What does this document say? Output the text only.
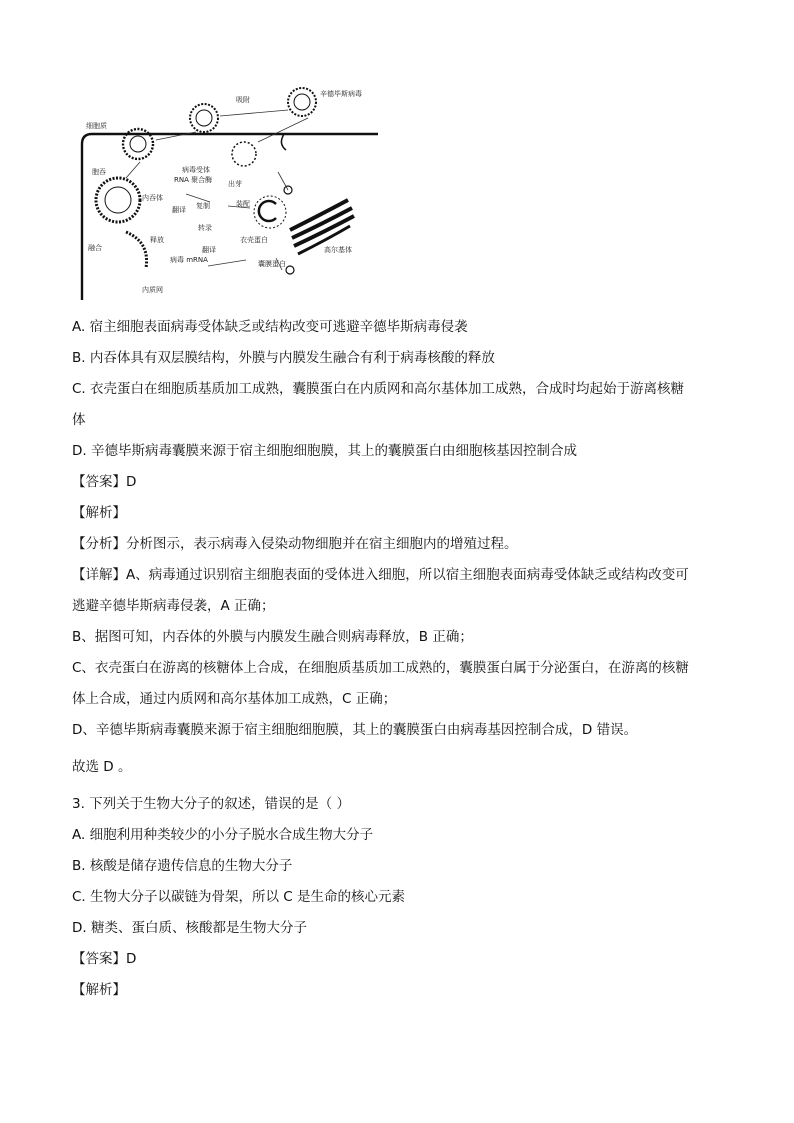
吸附
辛德毕斯病毒
细胞质
病毒受体
出芽
胞吞
RNA 聚合酶
内吞体
翻译 复制
转录
装配
融合
释放
翻译
衣壳蛋白
病毒 mRNA	囊膜蛋白
高尔基体
内质网
A. 宿主细胞表面病毒受体缺乏或结构改变可逃避辛德毕斯病毒侵袭
B. 内吞体具有双层膜结构，外膜与内膜发生融合有利于病毒核酸的释放
C. 衣壳蛋白在细胞质基质加工成熟，囊膜蛋白在内质网和高尔基体加工成熟，合成时均起始于游离核糖
体
D. 辛德毕斯病毒囊膜来源于宿主细胞细胞膜，其上的囊膜蛋白由细胞核基因控制合成
【答案】D
【解析】
【分析】分析图示，表示病毒入侵染动物细胞并在宿主细胞内的增殖过程。
【详解】A、病毒通过识别宿主细胞表面的受体进入细胞，所以宿主细胞表面病毒受体缺乏或结构改变可
逃避辛德毕斯病毒侵袭，A 正确；
B、据图可知，内吞体的外膜与内膜发生融合则病毒释放，B 正确；
C、衣壳蛋白在游离的核糖体上合成，在细胞质基质加工成熟的，囊膜蛋白属于分泌蛋白，在游离的核糖
体上合成，通过内质网和高尔基体加工成熟，C 正确；
D、辛德毕斯病毒囊膜来源于宿主细胞细胞膜，其上的囊膜蛋白由病毒基因控制合成，D 错误。
故选 D 。
3. 下列关于生物大分子的叙述，错误的是（ ）
A. 细胞利用种类较少的小分子脱水合成生物大分子
B. 核酸是储存遗传信息的生物大分子
C. 生物大分子以碳链为骨架，所以 C 是生命的核心元素
D. 糖类、蛋白质、核酸都是生物大分子
【答案】D
【解析】
